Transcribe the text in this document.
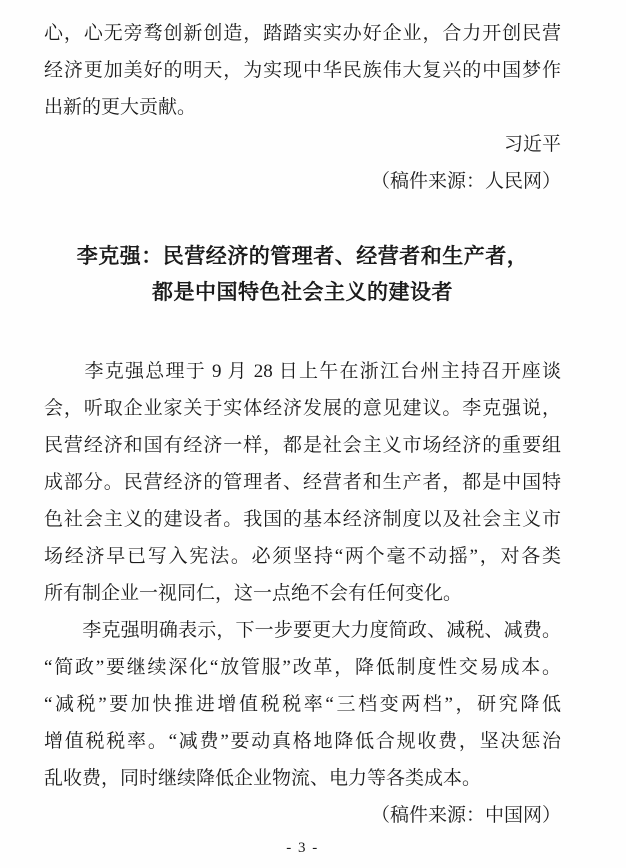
心，心无旁骛创新创造，踏踏实实办好企业，合力开创民营
经济更加美好的明天，为实现中华民族伟大复兴的中国梦作
出新的更大贡献。
习近平
（稿件来源：人民网）
李克强：民营经济的管理者、经营者和生产者，
都是中国特色社会主义的建设者
　　李克强总理于 9 月 28 日上午在浙江台州主持召开座谈
会，听取企业家关于实体经济发展的意见建议。李克强说，
民营经济和国有经济一样，都是社会主义市场经济的重要组
成部分。民营经济的管理者、经营者和生产者，都是中国特
色社会主义的建设者。我国的基本经济制度以及社会主义市
场经济早已写入宪法。必须坚持“两个毫不动摇”，对各类
所有制企业一视同仁，这一点绝不会有任何变化。
　　李克强明确表示，下一步要更大力度简政、减税、减费。
“简政”要继续深化“放管服”改革，降低制度性交易成本。
“减税”要加快推进增值税税率“三档变两档”，研究降低
增值税税率。“减费”要动真格地降低合规收费，坚决惩治
乱收费，同时继续降低企业物流、电力等各类成本。
（稿件来源：中国网）
- 3 -
